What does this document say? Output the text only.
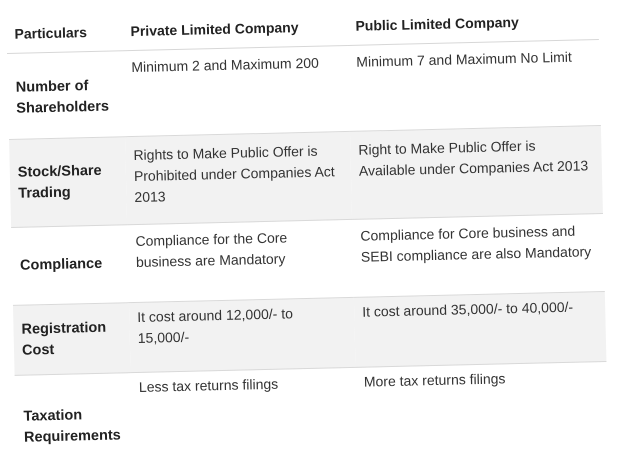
Particulars	Private Limited Company	Public Limited Company
Number of Shareholders	Minimum 2 and Maximum 200	Minimum 7 and Maximum No Limit
Stock/Share Trading	Rights to Make Public Offer is Prohibited under Companies Act 2013	Right to Make Public Offer is Available under Companies Act 2013
Compliance	Compliance for the Core business are Mandatory	Compliance for Core business and SEBI compliance are also Mandatory
Registration Cost	It cost around 12,000/- to 15,000/-	It cost around 35,000/- to 40,000/-
Taxation Requirements	Less tax returns filings	More tax returns filings
